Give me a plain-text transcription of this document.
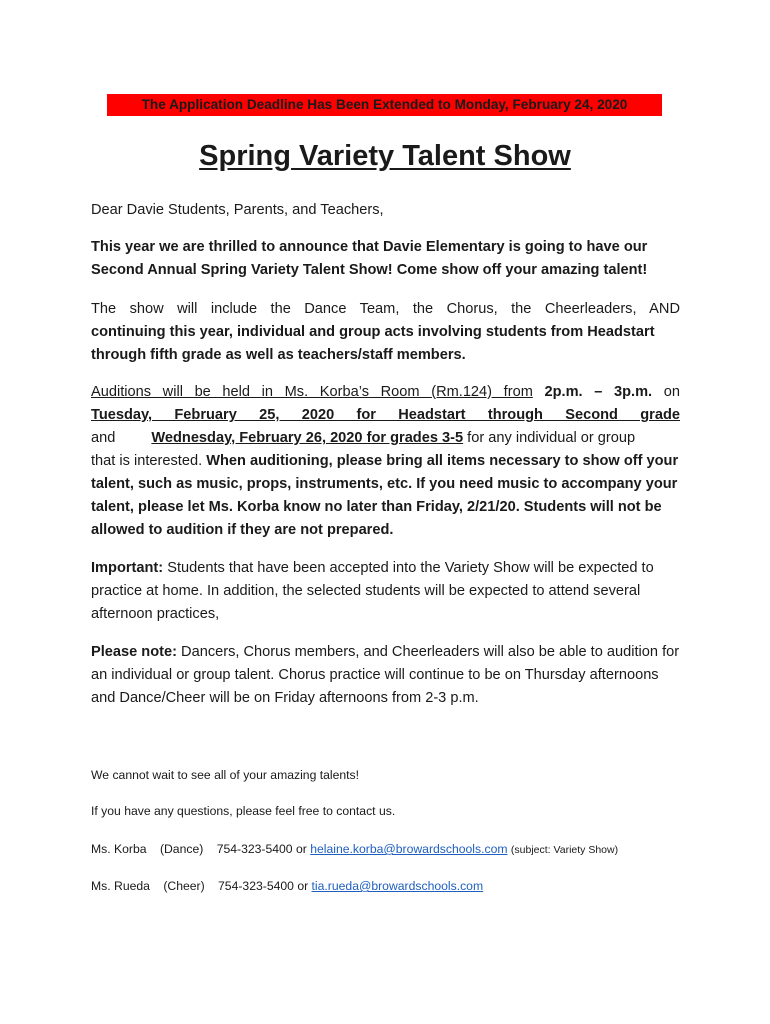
The Application Deadline Has Been Extended to Monday, February 24, 2020
Spring Variety Talent Show
Dear Davie Students, Parents, and Teachers,
This year we are thrilled to announce that Davie Elementary is going to have our Second Annual Spring Variety Talent Show! Come show off your amazing talent!
The show will include the Dance Team, the Chorus, the Cheerleaders, AND
continuing this year, individual and group acts involving students from Headstart through fifth grade as well as teachers/staff members.
Auditions will be held in Ms. Korba’s Room (Rm.124) from 2p.m. – 3p.m. on
Tuesday, February 25, 2020 for Headstart through Second grade
and Wednesday, February 26, 2020 for grades 3-5 for any individual or group
that is interested. When auditioning, please bring all items necessary to show off your talent, such as music, props, instruments, etc. If you need music to accompany your talent, please let Ms. Korba know no later than Friday, 2/21/20. Students will not be allowed to audition if they are not prepared.
Important: Students that have been accepted into the Variety Show will be expected to practice at home. In addition, the selected students will be expected to attend several afternoon practices,
Please note: Dancers, Chorus members, and Cheerleaders will also be able to audition for an individual or group talent. Chorus practice will continue to be on Thursday afternoons and Dance/Cheer will be on Friday afternoons from 2-3 p.m.
We cannot wait to see all of your amazing talents!
If you have any questions, please feel free to contact us.
Ms. Korba (Dance) 754-323-5400 or helaine.korba@browardschools.com (subject: Variety Show)
Ms. Rueda (Cheer) 754-323-5400 or tia.rueda@browardschools.com
